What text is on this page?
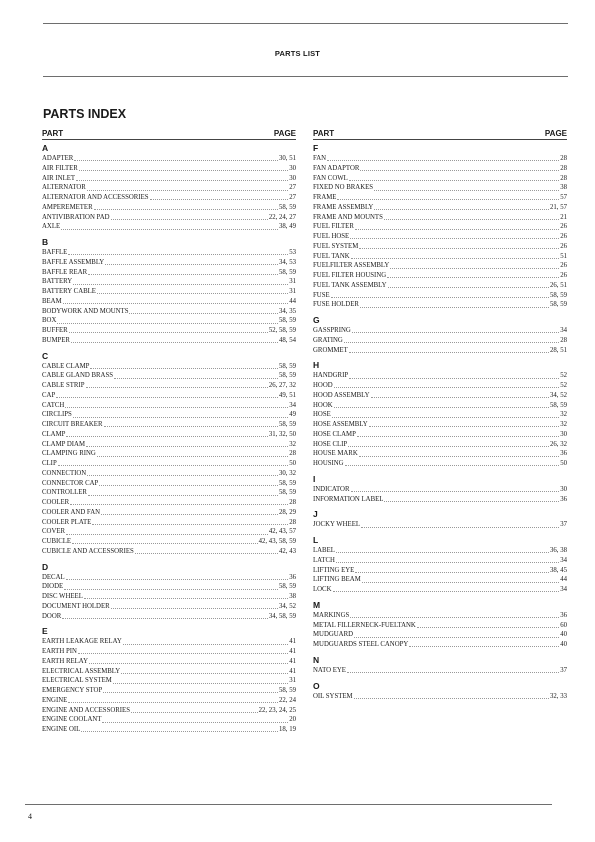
PARTS LIST
PARTS INDEX
PART	PAGE
A
ADAPTER	30, 51
AIR FILTER	30
AIR INLET	30
ALTERNATOR	27
ALTERNATOR AND ACCESSORIES	27
AMPEREMETER	58, 59
ANTIVIBRATION PAD	22, 24, 27
AXLE	38, 49
B
BAFFLE	53
BAFFLE ASSEMBLY	34, 53
BAFFLE REAR	58, 59
BATTERY	31
BATTERY CABLE	31
BEAM	44
BODYWORK AND MOUNTS	34, 35
BOX	58, 59
BUFFER	52, 58, 59
BUMPER	48, 54
C
CABLE CLAMP	58, 59
CABLE GLAND BRASS	58, 59
CABLE STRIP	26, 27, 32
CAP	49, 51
CATCH	34
CIRCLIPS	49
CIRCUIT BREAKER	58, 59
CLAMP	31, 32, 50
CLAMP DIAM	32
CLAMPING RING	28
CLIP	50
CONNECTION	30, 32
CONNECTOR CAP	58, 59
CONTROLLER	58, 59
COOLER	28
COOLER AND FAN	28, 29
COOLER PLATE	28
COVER	42, 43, 57
CUBICLE	42, 43, 58, 59
CUBICLE AND ACCESSORIES	42, 43
D
DECAL	36
DIODE	58, 59
DISC WHEEL	38
DOCUMENT HOLDER	34, 52
DOOR	34, 58, 59
E
EARTH LEAKAGE RELAY	41
EARTH PIN	41
EARTH RELAY	41
ELECTRICAL ASSEMBLY	41
ELECTRICAL SYSTEM	31
EMERGENCY STOP	58, 59
ENGINE	22, 24
ENGINE AND ACCESSORIES	22, 23, 24, 25
ENGINE COOLANT	20
ENGINE OIL	18, 19
PART	PAGE
F
FAN	28
FAN ADAPTOR	28
FAN COWL	28
FIXED NO BRAKES	38
FRAME	57
FRAME ASSEMBLY	21, 57
FRAME AND MOUNTS	21
FUEL FILTER	26
FUEL HOSE	26
FUEL SYSTEM	26
FUEL TANK	51
FUELFILTER ASSEMBLY	26
FUEL FILTER HOUSING	26
FUEL TANK ASSEMBLY	26, 51
FUSE	58, 59
FUSE HOLDER	58, 59
G
GASSPRING	34
GRATING	28
GROMMET	28, 51
H
HANDGRIP	52
HOOD	52
HOOD ASSEMBLY	34, 52
HOOK	58, 59
HOSE	32
HOSE ASSEMBLY	32
HOSE CLAMP	30
HOSE CLIP	26, 32
HOUSE MARK	36
HOUSING	50
I
INDICATOR	30
INFORMATION LABEL	36
J
JOCKY WHEEL	37
L
LABEL	36, 38
LATCH	34
LIFTING EYE	38, 45
LIFTING BEAM	44
LOCK	34
M
MARKINGS	36
METAL FILLERNECK-FUELTANK	60
MUDGUARD	40
MUDGUARDS STEEL CANOPY	40
N
NATO EYE	37
O
OIL SYSTEM	32, 33
4
